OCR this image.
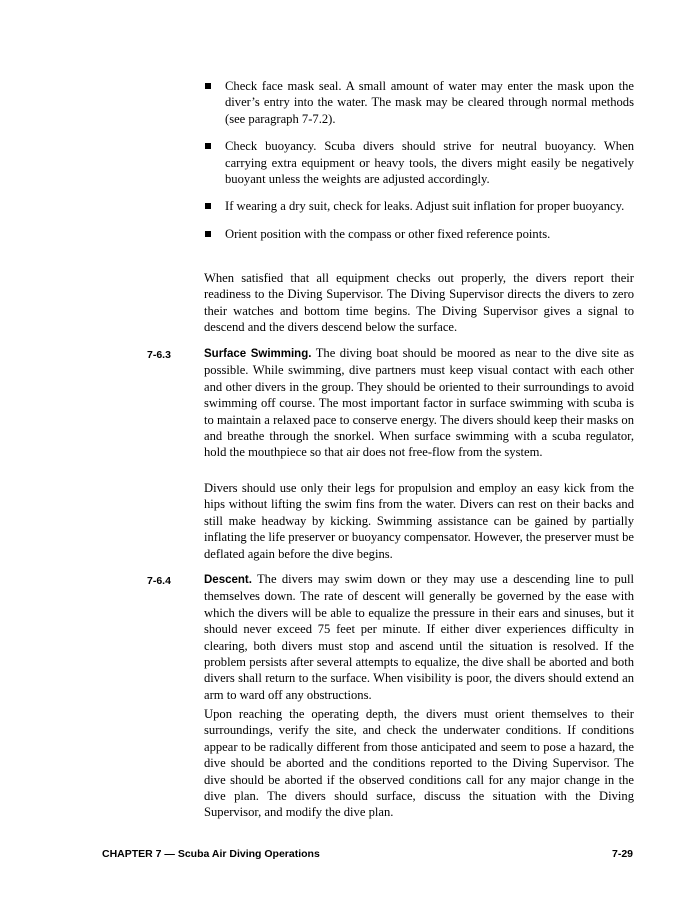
Check face mask seal. A small amount of water may enter the mask upon the diver’s entry into the water. The mask may be cleared through normal methods (see paragraph 7-7.2).
Check buoyancy. Scuba divers should strive for neutral buoyancy. When carrying extra equipment or heavy tools, the divers might easily be negatively buoyant unless the weights are adjusted accordingly.
If wearing a dry suit, check for leaks. Adjust suit inflation for proper buoyancy.
Orient position with the compass or other fixed reference points.

When satisfied that all equipment checks out properly, the divers report their readiness to the Diving Supervisor. The Diving Supervisor directs the divers to zero their watches and bottom time begins. The Diving Supervisor gives a signal to descend and the divers descend below the surface.

7-6.3	Surface Swimming. The diving boat should be moored as near to the dive site as possible. While swimming, dive partners must keep visual contact with each other and other divers in the group. They should be oriented to their surroundings to avoid swimming off course. The most important factor in surface swimming with scuba is to maintain a relaxed pace to conserve energy. The divers should keep their masks on and breathe through the snorkel. When surface swimming with a scuba regulator, hold the mouthpiece so that air does not free-flow from the system.

Divers should use only their legs for propulsion and employ an easy kick from the hips without lifting the swim fins from the water. Divers can rest on their backs and still make headway by kicking. Swimming assistance can be gained by partially inflating the life preserver or buoyancy compensator. However, the preserver must be deflated again before the dive begins.

7-6.4	Descent. The divers may swim down or they may use a descending line to pull themselves down. The rate of descent will generally be governed by the ease with which the divers will be able to equalize the pressure in their ears and sinuses, but it should never exceed 75 feet per minute. If either diver experiences difficulty in clearing, both divers must stop and ascend until the situation is resolved. If the problem persists after several attempts to equalize, the dive shall be aborted and both divers shall return to the surface. When visibility is poor, the divers should extend an arm to ward off any obstructions.

Upon reaching the operating depth, the divers must orient themselves to their surroundings, verify the site, and check the underwater conditions. If conditions appear to be radically different from those anticipated and seem to pose a hazard, the dive should be aborted and the conditions reported to the Diving Supervisor. The dive should be aborted if the observed conditions call for any major change in the dive plan. The divers should surface, discuss the situation with the Diving Supervisor, and modify the dive plan.

CHAPTER 7 — Scuba Air Diving Operations	7-29
